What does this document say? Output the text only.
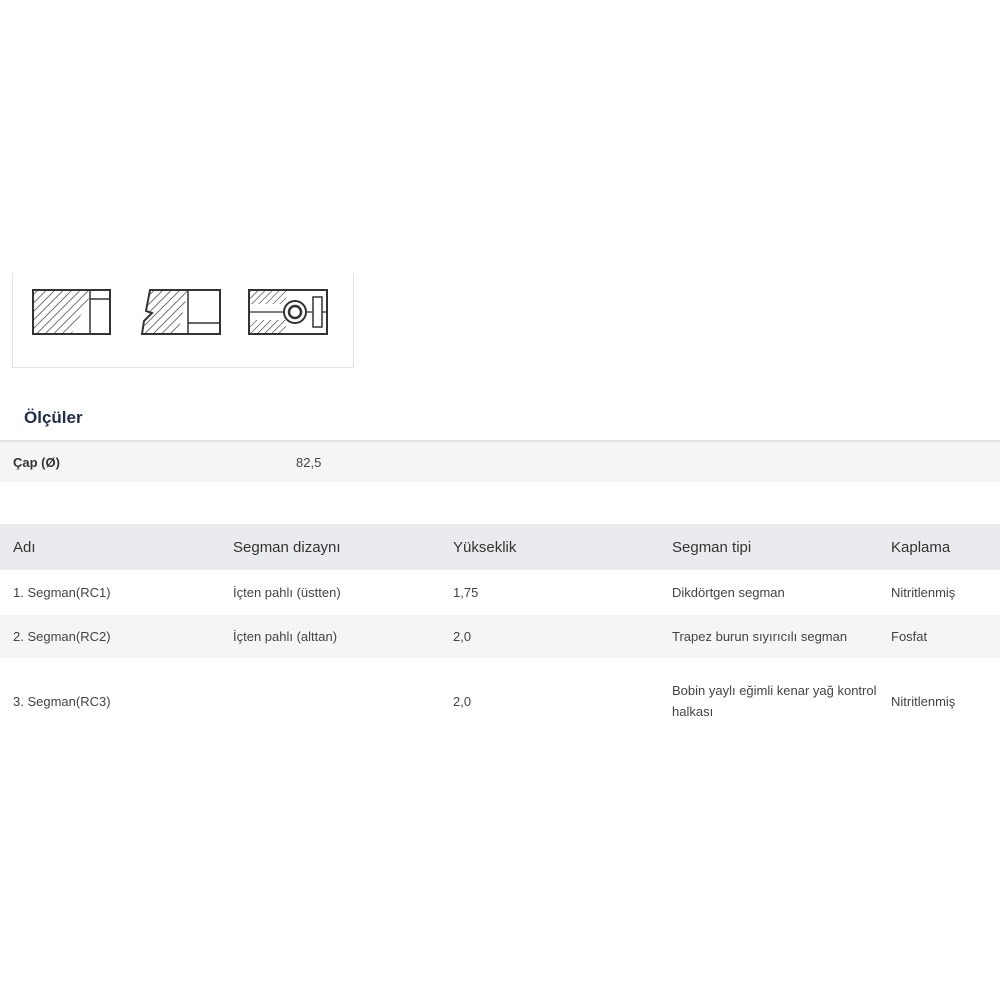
Ölçüler
Çap (Ø)	82,5
Adı	Segman dizaynı	Yükseklik	Segman tipi	Kaplama
1. Segman(RC1)	İçten pahlı (üstten)	1,75	Dikdörtgen segman	Nitritlenmiş
2. Segman(RC2)	İçten pahlı (alttan)	2,0	Trapez burun sıyırıcılı segman	Fosfat
3. Segman(RC3)		2,0	Bobin yaylı eğimli kenar yağ kontrol halkası	Nitritlenmiş
